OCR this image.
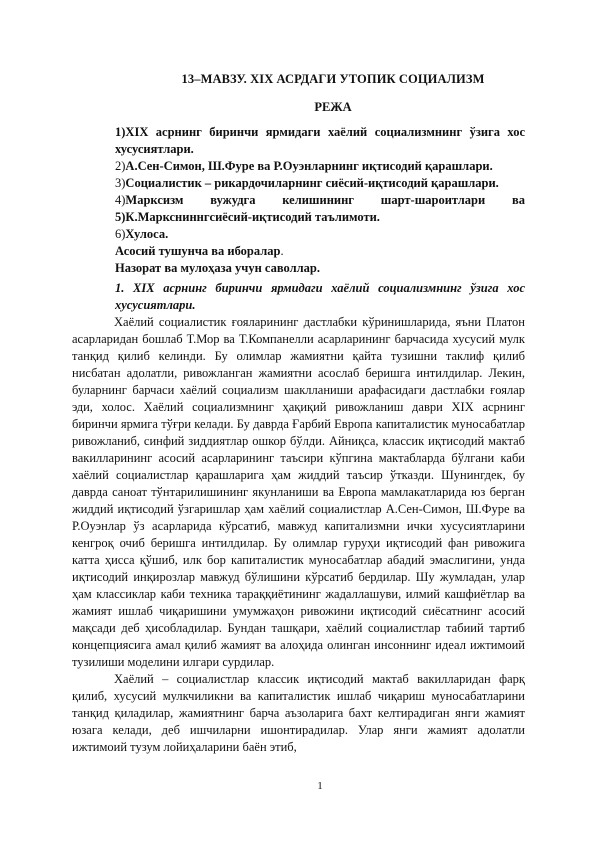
13–МАВЗУ. XIX АСРДАГИ УТОПИК СОЦИАЛИЗМ
РЕЖА
1)XIX асрнинг биринчи ярмидаги хаёлий социализмнинг ўзига хос хусусиятлари.
2)А.Сен-Симон, Ш.Фуре ва Р.Оуэнларнинг иқтисодий қарашлари.
3)Социалистик – рикардочиларнинг сиёсий-иқтисодий қарашлари.
4)Марксизм вужудга келишининг шарт-шароитлари ва
5)К.Марксниннгсиёсий-иқтисодий таълимоти.
6)Хулоса.
Асосий тушунча ва иборалар.
Назорат ва мулоҳаза учун саволлар.
1. XIX асрнинг биринчи ярмидаги хаёлий социализмнинг ўзига хос хусусиятлари.

Хаёлий социалистик ғояларининг дастлабки кўринишларида, яъни Платон асарларидан бошлаб Т.Мор ва Т.Компанелли асарларининг барчасида хусусий мулк танқид қилиб келинди. Бу олимлар жамиятни қайта тузишни таклиф қилиб нисбатан адолатли, ривожланган жамиятни асослаб беришга интилдилар. Лекин, буларнинг барчаси хаёлий социализм шаклланиши арафасидаги дастлабки ғоялар эди, холос. Хаёлий социализмнинг ҳақиқий ривожланиш даври XIX асрнинг биринчи ярмига тўғри келади. Бу даврда Ғарбий Европа капиталистик муносабатлар ривожланиб, синфий зиддиятлар ошкор бўлди. Айниқса, классик иқтисодий мактаб вакилларининг асосий асарларининг таъсири кўпгина мактабларда бўлгани каби хаёлий социалистлар қарашларига ҳам жиддий таъсир ўтказди. Шунингдек, бу даврда саноат тўнтарилишининг якунланиши ва Европа мамлакатларида юз берган жиддий иқтисодий ўзгаришлар ҳам хаёлий социалистлар А.Сен-Симон, Ш.Фуре ва Р.Оуэнлар ўз асарларида кўрсатиб, мавжуд капитализмни ички хусусиятларини кенгроқ очиб беришга интилдилар. Бу олимлар гуруҳи иқтисодий фан ривожига катта ҳисса қўшиб, илк бор капиталистик муносабатлар абадий эмаслигини, унда иқтисодий инқирозлар мавжуд бўлишини кўрсатиб бердилар. Шу жумладан, улар ҳам классиклар каби техника тараққиётининг жадаллашуви, илмий кашфиётлар ва жамият ишлаб чиқаришини умумжаҳон ривожини иқтисодий сиёсатнинг асосий мақсади деб ҳисобладилар. Бундан ташқари, хаёлий социалистлар табиий тартиб концепциясига амал қилиб жамият ва алоҳида олинган инсоннинг идеал ижтимоий тузилиши моделини илгари сурдилар.

Хаёлий – социалистлар классик иқтисодий мактаб вакилларидан фарқ қилиб, хусусий мулкчиликни ва капиталистик ишлаб чиқариш муносабатларини танқид қиладилар, жамиятнинг барча аъзоларига бахт келтирадиган янги жамият юзага келади, деб ишчиларни ишонтирадилар. Улар янги жамият адолатли ижтимоий тузум лойиҳаларини баён этиб,

1
